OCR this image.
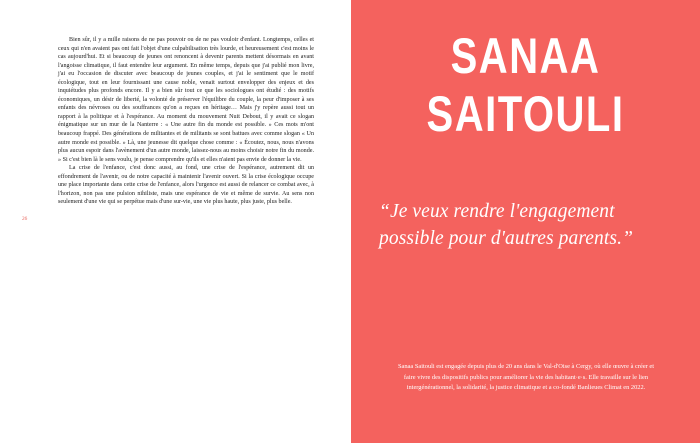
26

Bien sûr, il y a mille raisons de ne pas pouvoir ou de ne pas vouloir d'enfant. Longtemps, celles et ceux qui n'en avaient pas ont fait l'objet d'une culpabilisation très lourde, et heureusement c'est moins le cas aujourd'hui. Et si beaucoup de jeunes ont renoncent à devenir parents mettent désormais en avant l'angoisse climatique, il faut entendre leur argument. En même temps, depuis que j'ai publié mon livre, j'ai eu l'occasion de discuter avec beaucoup de jeunes couples, et j'ai le sentiment que le motif écologique, tout en leur fournissant une cause noble, venait surtout envelopper des enjeux et des inquiétudes plus profonds encore. Il y a bien sûr tout ce que les sociologues ont étudié : des motifs économiques, un désir de liberté, la volonté de préserver l'équilibre du couple, la peur d'imposer à ses enfants des névroses ou des souffrances qu'on a reçues en héritage… Mais j'y repère aussi tout un rapport à la politique et à l'espérance. Au moment du mouvement Nuit Debout, il y avait ce slogan énigmatique sur un mur de la Nanterre : « Une autre fin du monde est possible. » Ces mots m'ont beaucoup frappé. Des générations de militantes et de militants se sont battues avec comme slogan « Un autre monde est possible. » Là, une jeunesse dit quelque chose comme : « Écoutez, nous, nous n'avons plus aucun espoir dans l'avènement d'un autre monde, laissez-nous au moins choisir notre fin du monde. » Si c'est bien là le sens voulu, je pense comprendre qu'ils et elles n'aient pas envie de donner la vie.

La crise de l'enfance, c'est donc aussi, au fond, une crise de l'espérance, autrement dit un effondrement de l'avenir, ou de notre capacité à maintenir l'avenir ouvert. Si la crise écologique occupe une place importante dans cette crise de l'enfance, alors l'urgence est aussi de relancer ce combat avec, à l'horizon, non pas une pulsion nihiliste, mais une espérance de vie et même de survie. Au sens non seulement d'une vie qui se perpétue mais d'une sur-vie, une vie plus haute, plus juste, plus belle.

SANAA
SAITOULI
“Je veux rendre l'engagement possible pour d'autres parents.”

Sanaa Saitouli est engagée depuis plus de 20 ans dans le Val-d'Oise à Cergy, où elle œuvre à créer et faire vivre des dispositifs publics pour améliorer la vie des habitant·e·s. Elle travaille sur le lien intergénérationnel, la solidarité, la justice climatique et a co-fondé Banlieues Climat en 2022.
